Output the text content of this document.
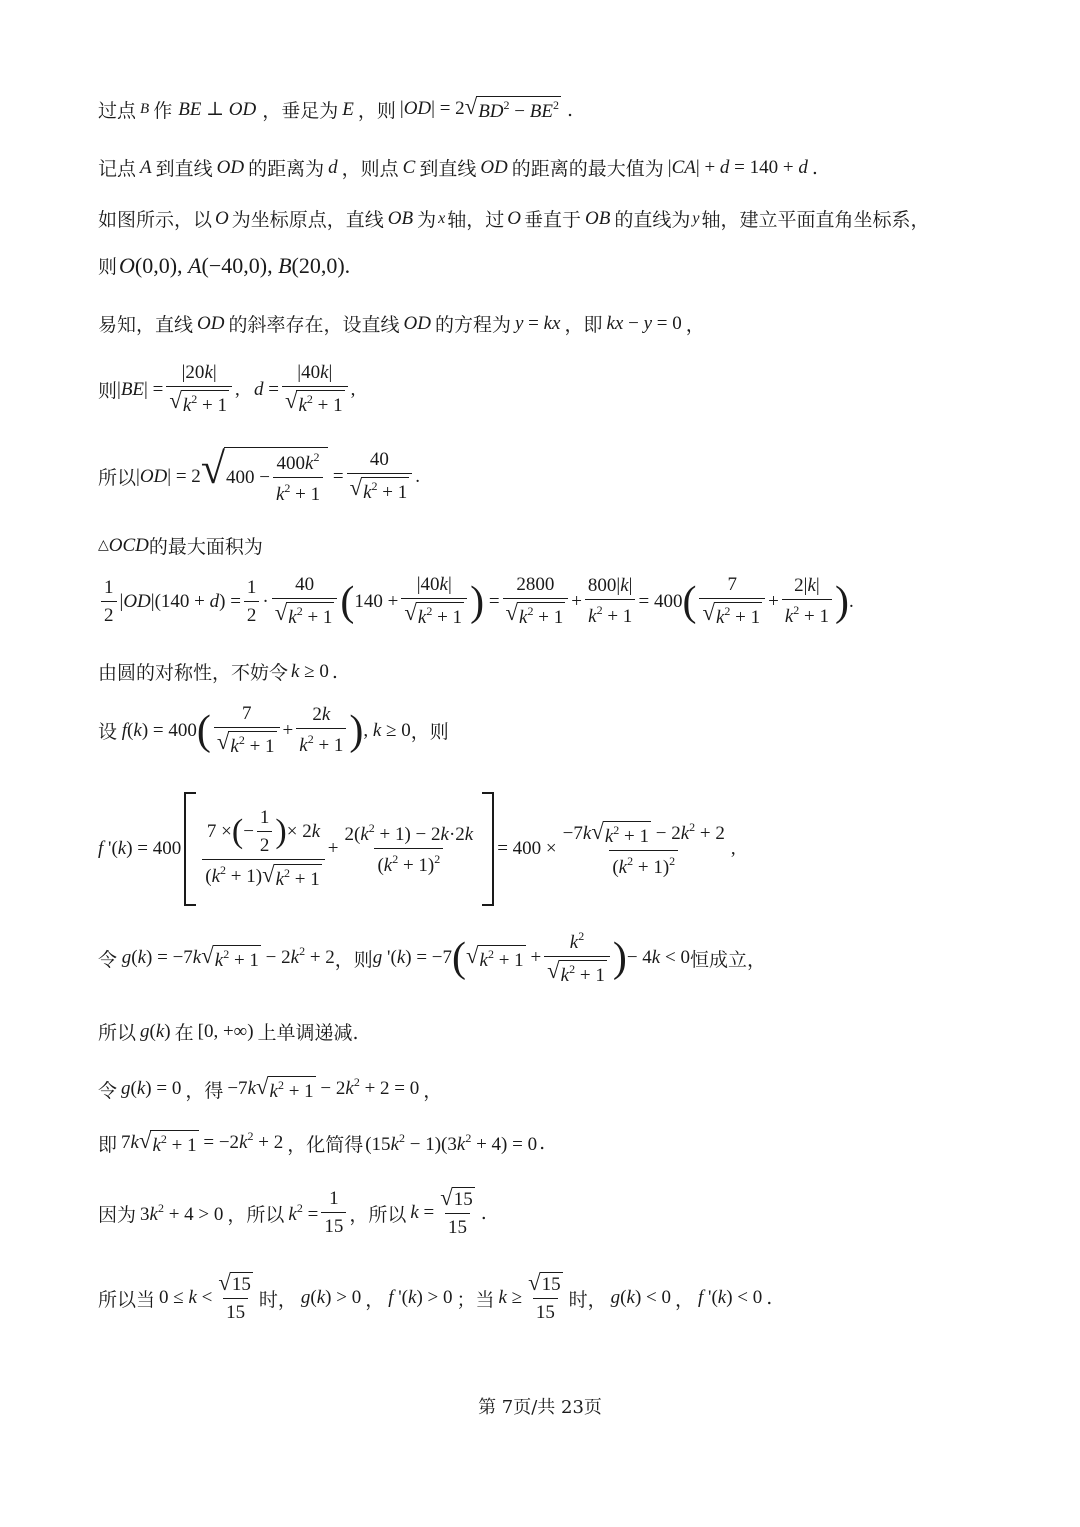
过点 B 作 BE ⊥ OD ，垂足为 E ，则 |OD| = 2 √ $BD^2 - BE^2$ .
记点 A 到直线 OD 的距离为 d ，则点 C 到直线 OD 的距离的最大值为 |CA| + d = 140 + d .
如图所示，以 O 为坐标原点，直线 OB 为 x 轴，过 O 垂直于 OB 的直线为 y 轴，建立平面直角坐标系，
则 O(0,0), A(−40,0), B(20,0).
易知，直线 OD 的斜率存在，设直线 OD 的方程为 y = kx ，即 kx − y = 0 ，
则 $|BE| = \frac{|20k|}{√ k^2 + 1}$ ,   $d = \frac{|40k|}{√ k^2 + 1}$ ,
所以 |OD| = 2 √ $400 - \frac{400k^2}{k^2 + 1} = \frac{40}{√ k^2 + 1}$ .
△ OCD 的最大面积为
$\frac{1}{2} |OD|(140 + d) = \frac{1}{2} \cdot \frac{40}{√ k^2 + 1}$ ( $140 + \frac{|40k|}{√ k^2 + 1}$ ) = $\frac{2800}{√ k^2 + 1} + \frac{800|k|}{k^2 + 1} = 400$ ( $\frac{7}{√ k^2 + 1} + \frac{2|k|}{k^2 + 1}$ ) .
由圆的对称性，不妨令 k ≥ 0 .
设 f(k) = 400 ( $\frac{7}{√ k^2 + 1} + \frac{2k}{k^2 + 1}$ ) , k ≥ 0 ，则
f '$(k) = 400 \frac{7 \times ( - \frac{1}{2} ) \times 2 k}{(k^2 + 1) √ k^2 + 1} + \frac{2(k^2 + 1) - 2k\cdot 2k}{(k^2 + 1)^2} = 400 \times \frac{-7k √ k^2 + 1 - 2k^2 + 2}{(k^2 + 1)^2}$ ,
令 g(k) = −7k √ $k^2 + 1 - 2k^2 + 2$ ，则 g '(k) = −7 ( √ $k^2 + 1 + \frac{k^2}{√ k^2 + 1}$ ) − 4k < 0 恒成立，
所以 g(k) 在 [0, +∞) 上单调递减.
令 g(k) = 0 ，得 −7k √ $k^2 + 1 - 2k^2 + 2 = 0$ ，
即 7k √ $k^2 + 1 = -2k^2 + 2$ ，化简得 $(15k^2 - 1)(3k^2 + 4) = 0$ .
因为 $3k^2 + 4 > 0$ ，所以 $k^2 = \frac{1}{15}$ ，所以 $k = \frac{√ 15}{15}$ .
所以当 $0 \le k < \frac{√ 15}{15}$ 时， g(k) > 0 ， f '(k) > 0 ；当 $k \ge \frac{√ 15}{15}$ 时， g(k) < 0 ， f '(k) < 0 .
第 7页/共 23页
